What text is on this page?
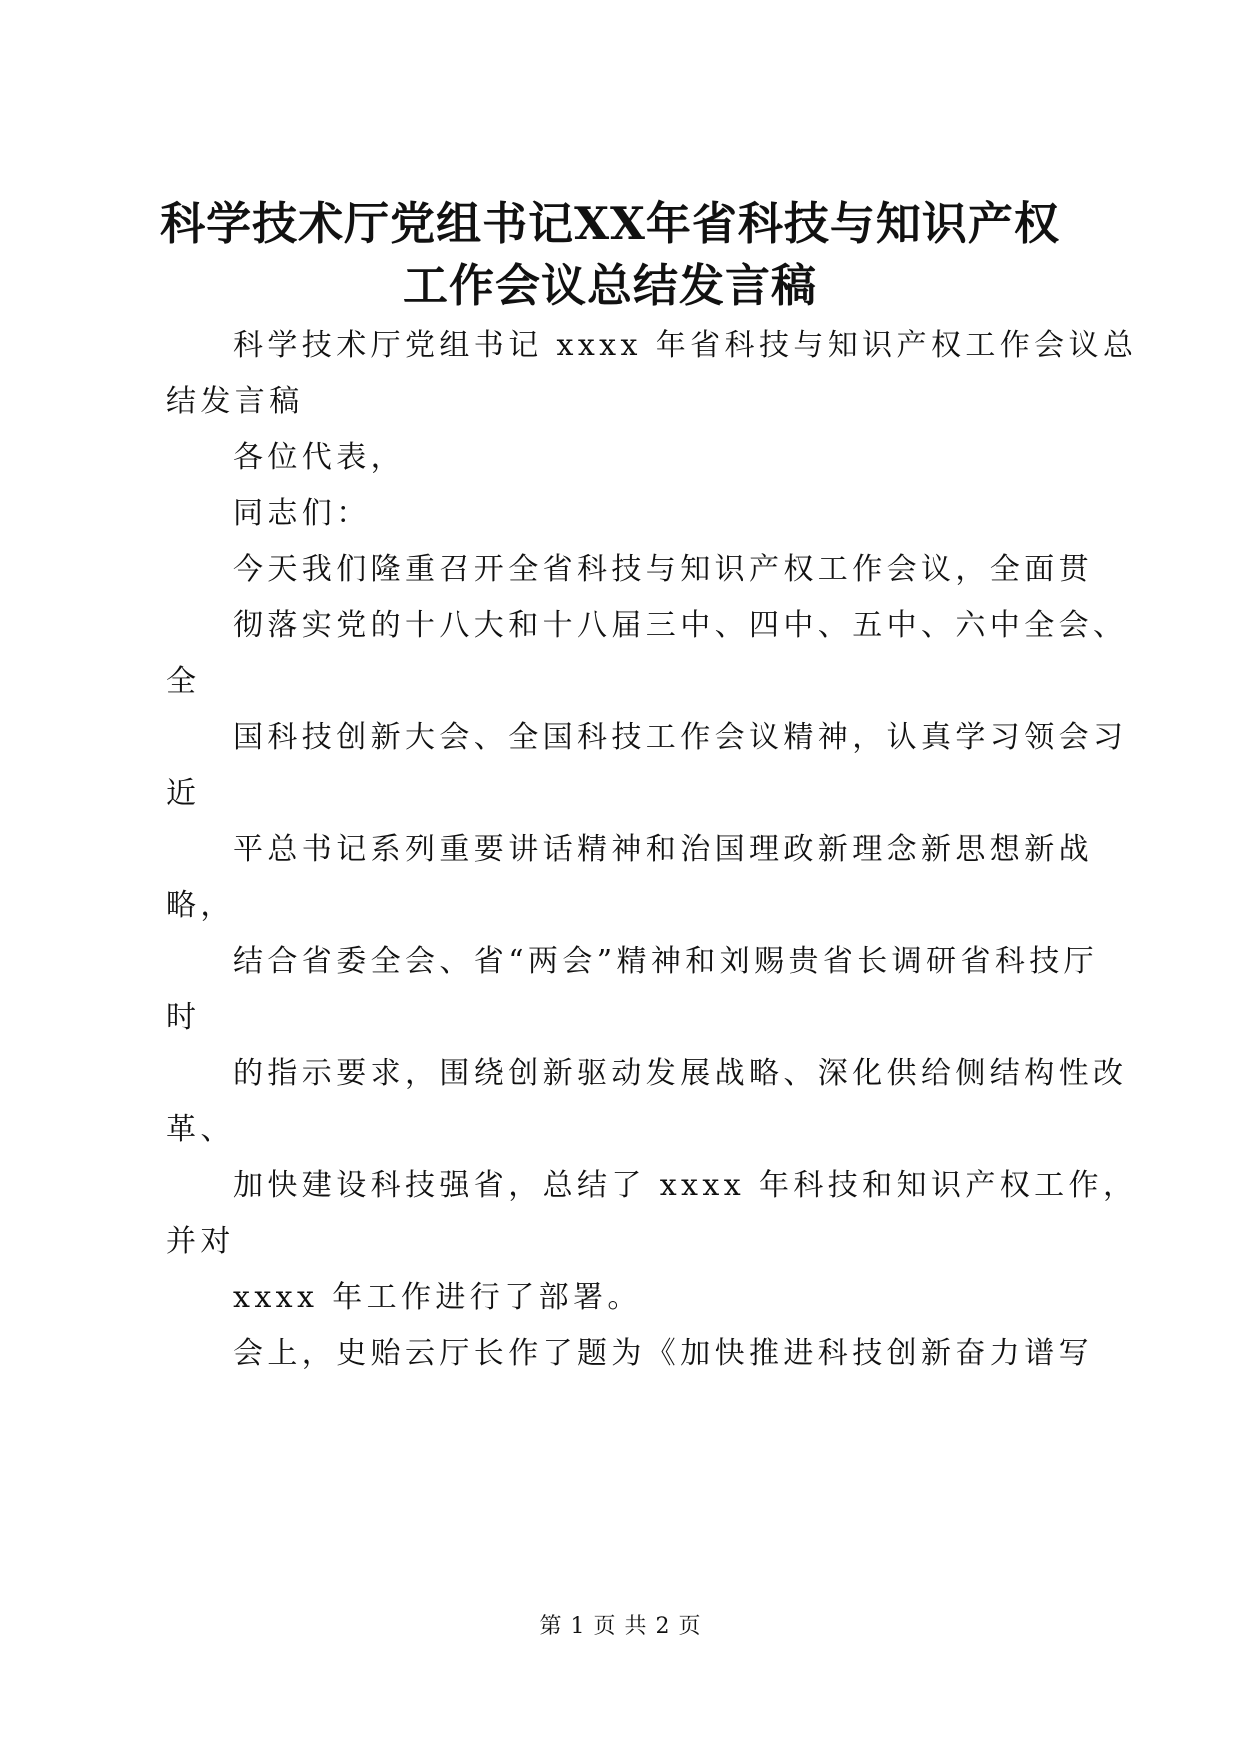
科学技术厅党组书记XX年省科技与知识产权
工作会议总结发言稿
科学技术厅党组书记 xxxx 年省科技与知识产权工作会议总
结发言稿
各位代表，
同志们：
今天我们隆重召开全省科技与知识产权工作会议，全面贯
彻落实党的十八大和十八届三中、四中、五中、六中全会、
全
国科技创新大会、全国科技工作会议精神，认真学习领会习
近
平总书记系列重要讲话精神和治国理政新理念新思想新战
略，
结合省委全会、省“两会”精神和刘赐贵省长调研省科技厅
时
的指示要求，围绕创新驱动发展战略、深化供给侧结构性改
革、
加快建设科技强省，总结了 xxxx 年科技和知识产权工作，
并对
xxxx 年工作进行了部署。
会上，史贻云厅长作了题为《加快推进科技创新奋力谱写
第 1 页 共 2 页
